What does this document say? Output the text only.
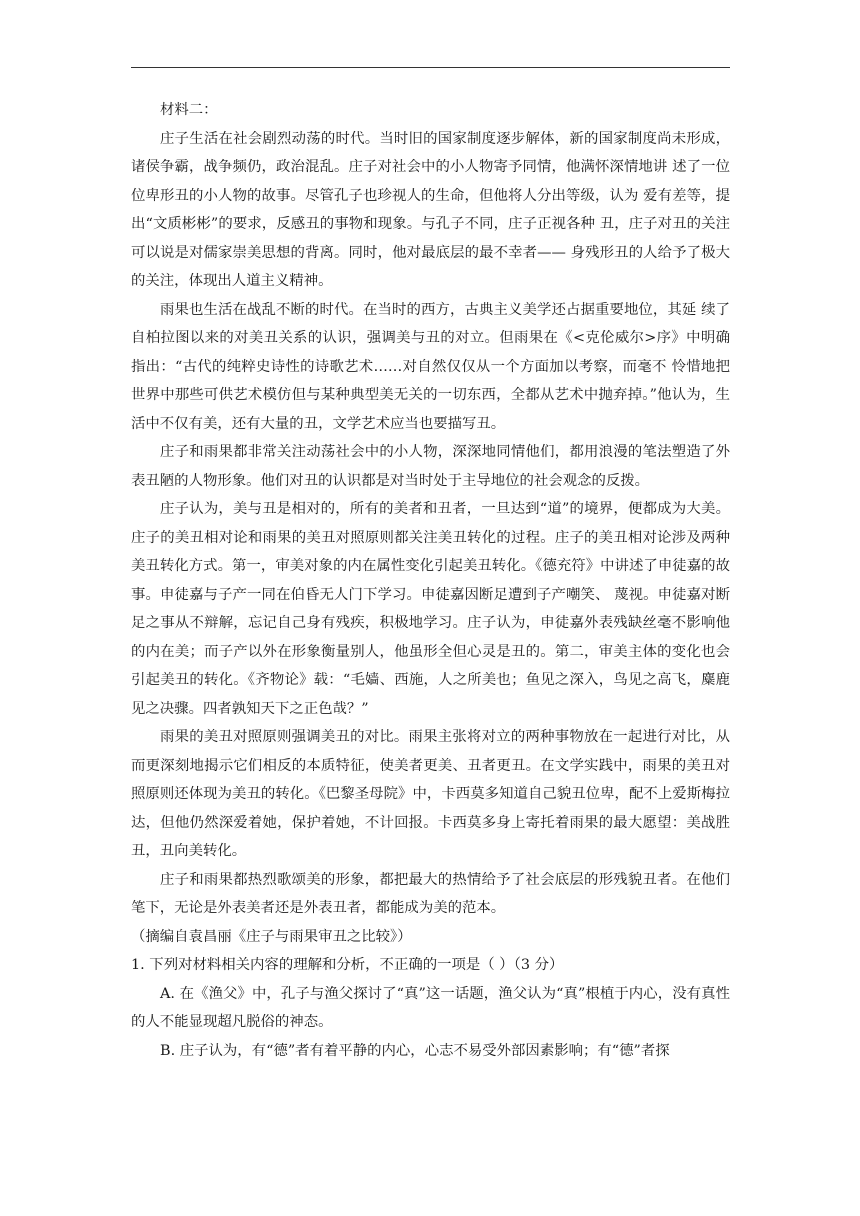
材料二：

庄子生活在社会剧烈动荡的时代。当时旧的国家制度逐步解体，新的国家制度尚未形成，诸侯争霸，战争频仍，政治混乱。庄子对社会中的小人物寄予同情，他满怀深情地讲 述了一位位卑形丑的小人物的故事。尽管孔子也珍视人的生命，但他将人分出等级，认为 爱有差等，提出“文质彬彬”的要求，反感丑的事物和现象。与孔子不同，庄子正视各种 丑，庄子对丑的关注可以说是对儒家崇美思想的背离。同时，他对最底层的最不幸者—— 身残形丑的人给予了极大的关注，体现出人道主义精神。

雨果也生活在战乱不断的时代。在当时的西方，古典主义美学还占据重要地位，其延 续了自柏拉图以来的对美丑关系的认识，强调美与丑的对立。但雨果在《<克伦威尔>序》中明确指出：“古代的纯粹史诗性的诗歌艺术……对自然仅仅从一个方面加以考察，而毫不 怜惜地把世界中那些可供艺术模仿但与某种典型美无关的一切东西，全都从艺术中抛弃掉。”他认为，生活中不仅有美，还有大量的丑，文学艺术应当也要描写丑。

庄子和雨果都非常关注动荡社会中的小人物，深深地同情他们，都用浪漫的笔法塑造了外表丑陋的人物形象。他们对丑的认识都是对当时处于主导地位的社会观念的反拨。

庄子认为，美与丑是相对的，所有的美者和丑者，一旦达到“道”的境界，便都成为大美。庄子的美丑相对论和雨果的美丑对照原则都关注美丑转化的过程。庄子的美丑相对论涉及两种美丑转化方式。第一，审美对象的内在属性变化引起美丑转化。《德充符》中讲述了申徒嘉的故事。申徒嘉与子产一同在伯昏无人门下学习。申徒嘉因断足遭到子产嘲笑、 蔑视。申徒嘉对断足之事从不辩解，忘记自己身有残疾，积极地学习。庄子认为，申徒嘉外表残缺丝毫不影响他的内在美；而子产以外在形象衡量别人，他虽形全但心灵是丑的。第二，审美主体的变化也会引起美丑的转化。《齐物论》载：“毛嫱、西施，人之所美也；鱼见之深入，鸟见之高飞，麋鹿见之决骤。四者孰知天下之正色哉？”

雨果的美丑对照原则强调美丑的对比。雨果主张将对立的两种事物放在一起进行对比，从而更深刻地揭示它们相反的本质特征，使美者更美、丑者更丑。在文学实践中，雨果的美丑对照原则还体现为美丑的转化。《巴黎圣母院》中，卡西莫多知道自己貌丑位卑，配不上爱斯梅拉达，但他仍然深爱着她，保护着她，不计回报。卡西莫多身上寄托着雨果的最大愿望：美战胜丑，丑向美转化。

庄子和雨果都热烈歌颂美的形象，都把最大的热情给予了社会底层的形残貌丑者。在他们笔下，无论是外表美者还是外表丑者，都能成为美的范本。

（摘编自袁昌丽《庄子与雨果审丑之比较》）

1. 下列对材料相关内容的理解和分析，不正确的一项是（ ）（3 分）

A. 在《渔父》中，孔子与渔父探讨了“真”这一话题，渔父认为“真”根植于内心，没有真性的人不能显现超凡脱俗的神态。

B. 庄子认为，有“德”者有着平静的内心，心志不易受外部因素影响；有“德”者探
